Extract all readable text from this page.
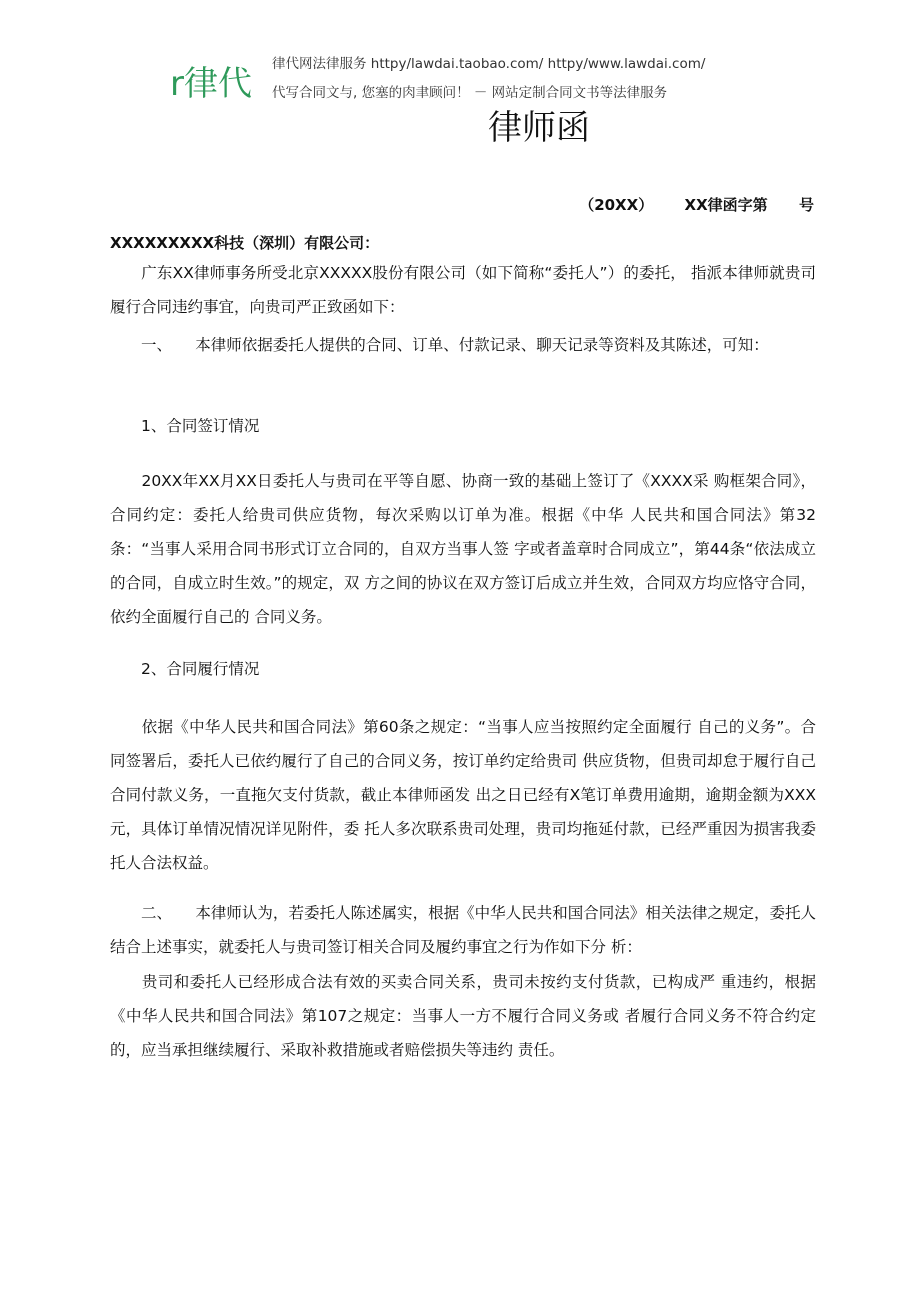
r律代 律代网法律服务 httpy/lawdai.taobao.com/ httpy/www.lawdai.com/
代写合同文与, 您塞的肉聿顾问！ － 网站定制合同文书等法律服务
律师函
（20XX）      XX律函字第      号
XXXXXXXXX科技（深圳）有限公司：
　　广东XX律师事务所受北京XXXXX股份有限公司（如下简称“委托人”）的委托， 指派本律师就贵司履行合同违约事宜，向贵司严正致函如下：
　　一、　　本律师依据委托人提供的合同、订单、付款记录、聊天记录等资料及其陈述，可知：
　　1、合同签订情况
　　20XX年XX月XX日委托人与贵司在平等自愿、协商一致的基础上签订了《XXXX采 购框架合同》，合同约定：委托人给贵司供应货物，每次采购以订单为准。根据《中华 人民共和国合同法》第32条：“当事人采用合同书形式订立合同的，自双方当事人签 字或者盖章时合同成立”，第44条“依法成立的合同，自成立时生效。”的规定，双 方之间的协议在双方签订后成立并生效，合同双方均应恪守合同，依约全面履行自己的 合同义务。
　　2、合同履行情况
　　依据《中华人民共和国合同法》第60条之规定：“当事人应当按照约定全面履行 自己的义务”。合同签署后，委托人已依约履行了自己的合同义务，按订单约定给贵司 供应货物，但贵司却怠于履行自己合同付款义务，一直拖欠支付货款，截止本律师函发 出之日已经有X笔订单费用逾期，逾期金额为XXX元，具体订单情况情况详见附件，委 托人多次联系贵司处理，贵司均拖延付款，已经严重因为损害我委托人合法权益。
　　二、　　本律师认为，若委托人陈述属实，根据《中华人民共和国合同法》相关法律之规定，委托人结合上述事实，就委托人与贵司签订相关合同及履约事宜之行为作如下分 析：
　　贵司和委托人已经形成合法有效的买卖合同关系，贵司未按约支付货款，已构成严 重违约，根据《中华人民共和国合同法》第107之规定：当事人一方不履行合同义务或 者履行合同义务不符合约定的，应当承担继续履行、采取补救措施或者赔偿损失等违约 责任。
